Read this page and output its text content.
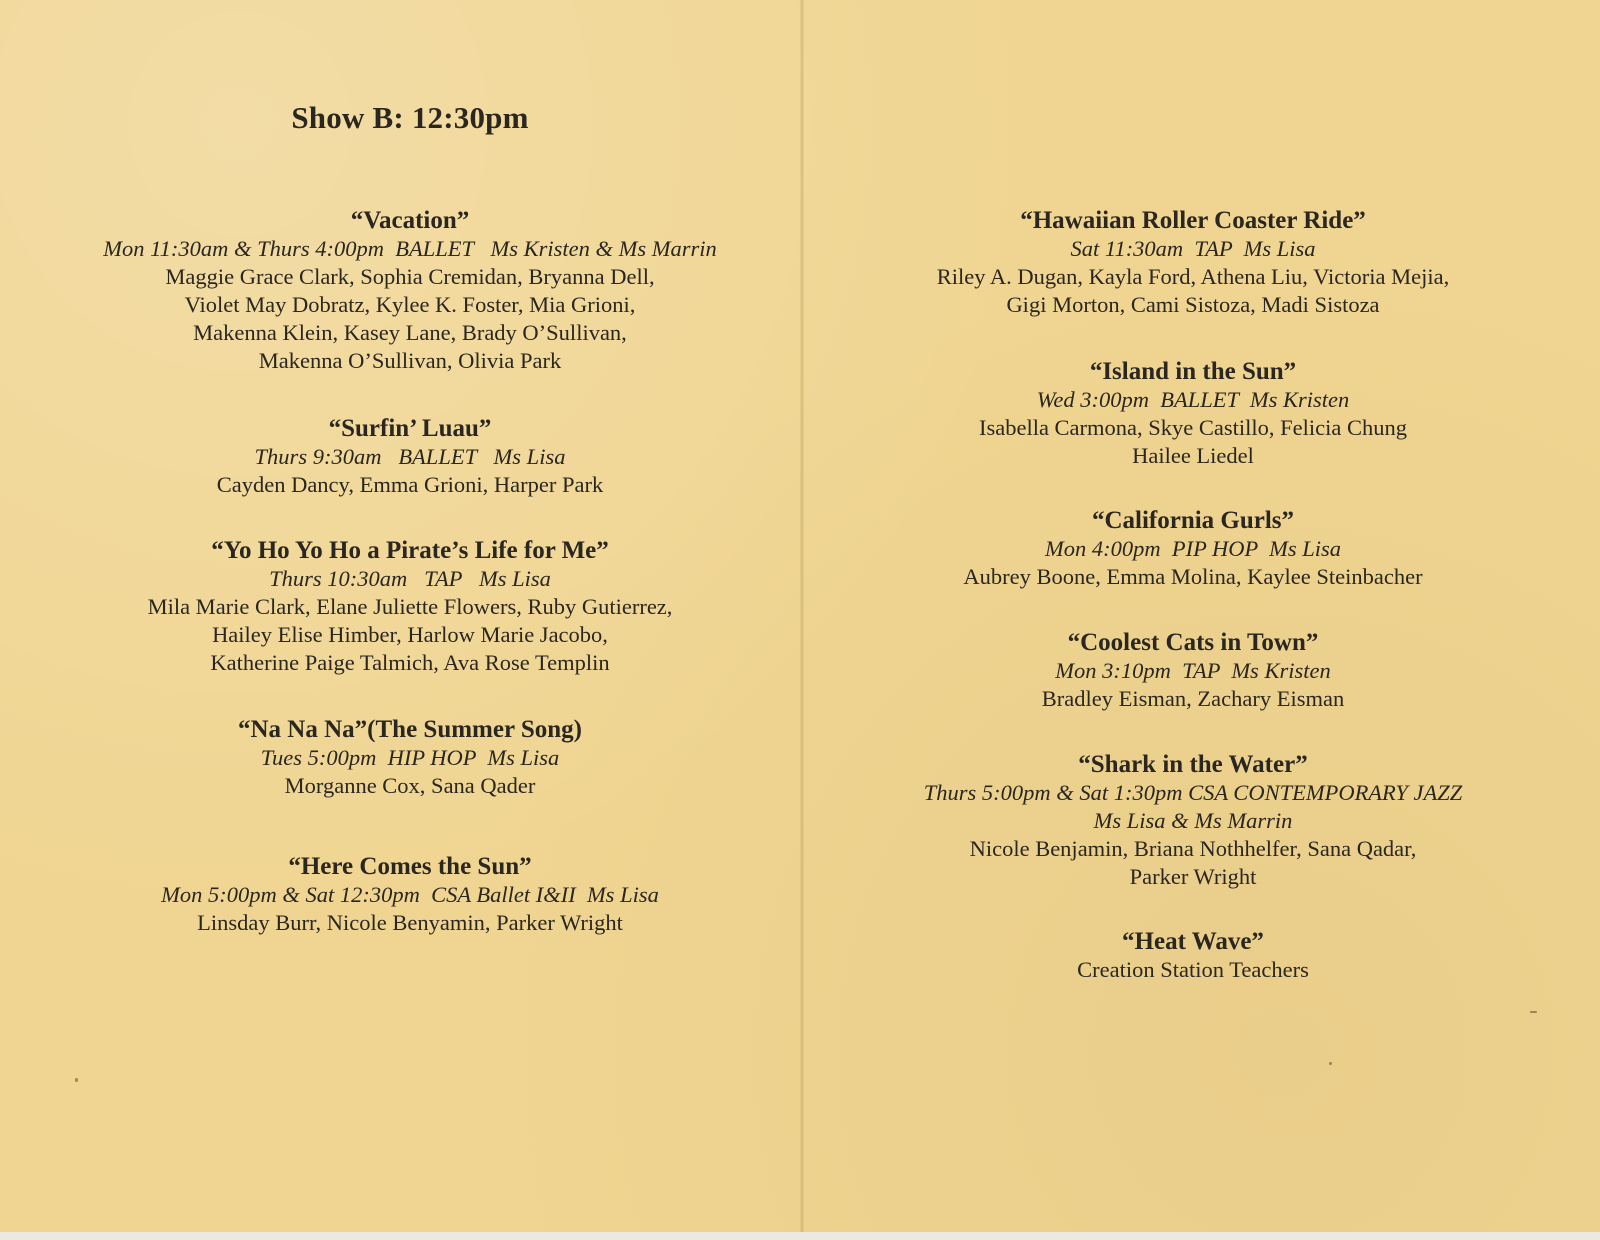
Show B: 12:30pm
“Vacation”
Mon 11:30am & Thurs 4:00pm  BALLET   Ms Kristen & Ms Marrin
Maggie Grace Clark, Sophia Cremidan, Bryanna Dell,
Violet May Dobratz, Kylee K. Foster, Mia Grioni,
Makenna Klein, Kasey Lane, Brady O’Sullivan,
Makenna O’Sullivan, Olivia Park
“Surfin’ Luau”
Thurs 9:30am   BALLET   Ms Lisa
Cayden Dancy, Emma Grioni, Harper Park
“Yo Ho Yo Ho a Pirate’s Life for Me”
Thurs 10:30am   TAP   Ms Lisa
Mila Marie Clark, Elane Juliette Flowers, Ruby Gutierrez,
Hailey Elise Himber, Harlow Marie Jacobo,
Katherine Paige Talmich, Ava Rose Templin
“Na Na Na”(The Summer Song)
Tues 5:00pm  HIP HOP  Ms Lisa
Morganne Cox, Sana Qader
“Here Comes the Sun”
Mon 5:00pm & Sat 12:30pm  CSA Ballet I&II  Ms Lisa
Linsday Burr, Nicole Benyamin, Parker Wright
“Hawaiian Roller Coaster Ride”
Sat 11:30am  TAP  Ms Lisa
Riley A. Dugan, Kayla Ford, Athena Liu, Victoria Mejia,
Gigi Morton, Cami Sistoza, Madi Sistoza
“Island in the Sun”
Wed 3:00pm  BALLET  Ms Kristen
Isabella Carmona, Skye Castillo, Felicia Chung
Hailee Liedel
“California Gurls”
Mon 4:00pm  PIP HOP  Ms Lisa
Aubrey Boone, Emma Molina, Kaylee Steinbacher
“Coolest Cats in Town”
Mon 3:10pm  TAP  Ms Kristen
Bradley Eisman, Zachary Eisman
“Shark in the Water”
Thurs 5:00pm & Sat 1:30pm CSA CONTEMPORARY JAZZ
Ms Lisa & Ms Marrin
Nicole Benjamin, Briana Nothhelfer, Sana Qadar,
Parker Wright
“Heat Wave”
Creation Station Teachers
